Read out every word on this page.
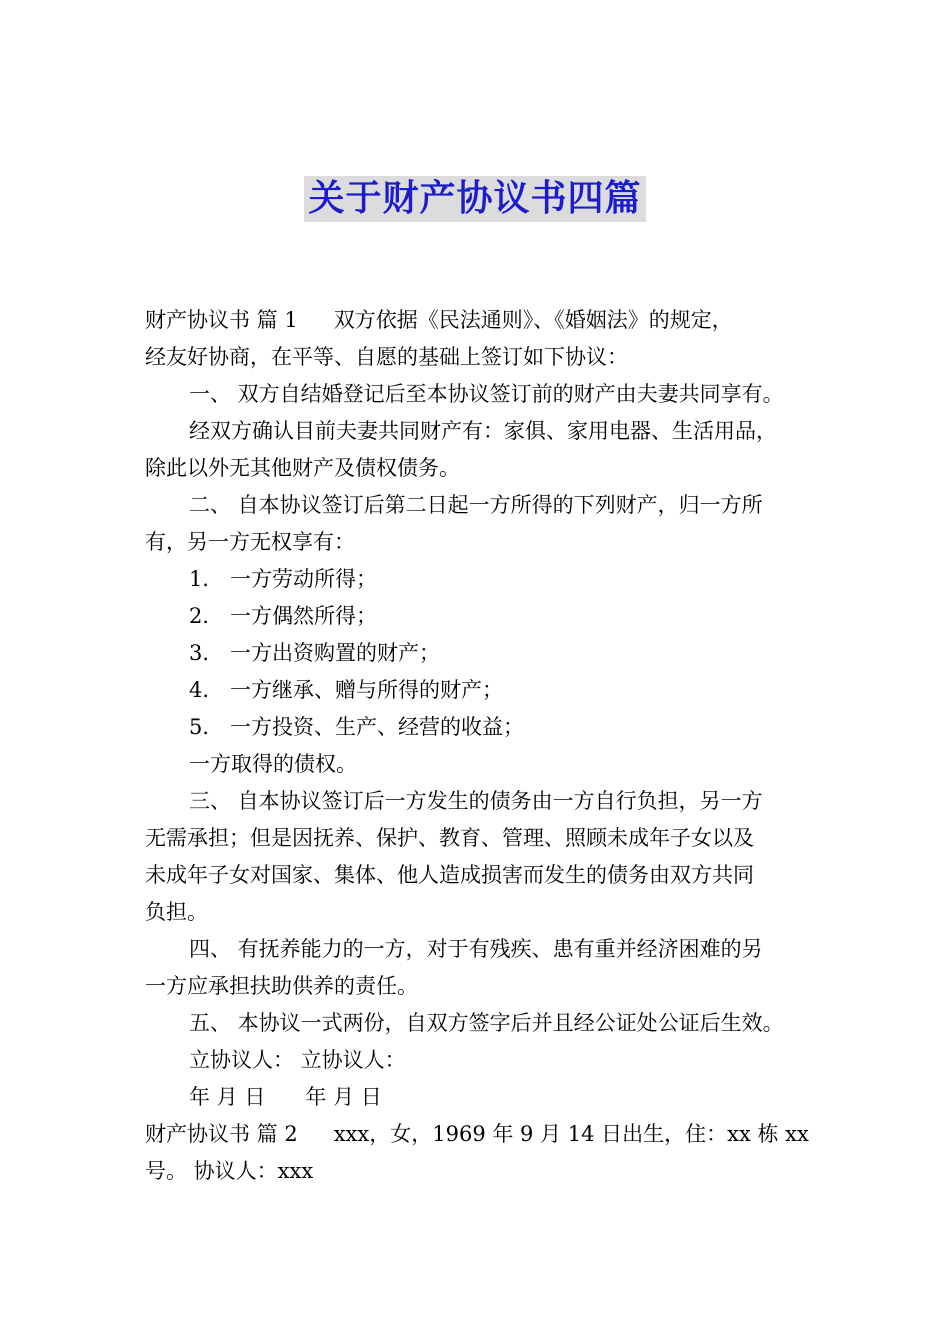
关于财产协议书四篇
财产协议书 篇 1 双方依据《民法通则》、《婚姻法》的规定，
经友好协商，在平等、自愿的基础上签订如下协议：
一、 双方自结婚登记后至本协议签订前的财产由夫妻共同享有。
经双方确认目前夫妻共同财产有：家俱、家用电器、生活用品，
除此以外无其他财产及债权债务。
二、 自本协议签订后第二日起一方所得的下列财产，归一方所
有，另一方无权享有：
1． 一方劳动所得；
2． 一方偶然所得；
3． 一方出资购置的财产；
4． 一方继承、赠与所得的财产；
5． 一方投资、生产、经营的收益；
一方取得的债权。
三、 自本协议签订后一方发生的债务由一方自行负担，另一方
无需承担；但是因抚养、保护、教育、管理、照顾未成年子女以及
未成年子女对国家、集体、他人造成损害而发生的债务由双方共同
负担。
四、 有抚养能力的一方，对于有残疾、患有重并经济困难的另
一方应承担扶助供养的责任。
五、 本协议一式两份，自双方签字后并且经公证处公证后生效。
立协议人： 立协议人：
年 月 日      年 月 日
财产协议书 篇 2 xxx，女，1969 年 9 月 14 日出生，住：xx 栋 xx
号。 协议人：xxx
